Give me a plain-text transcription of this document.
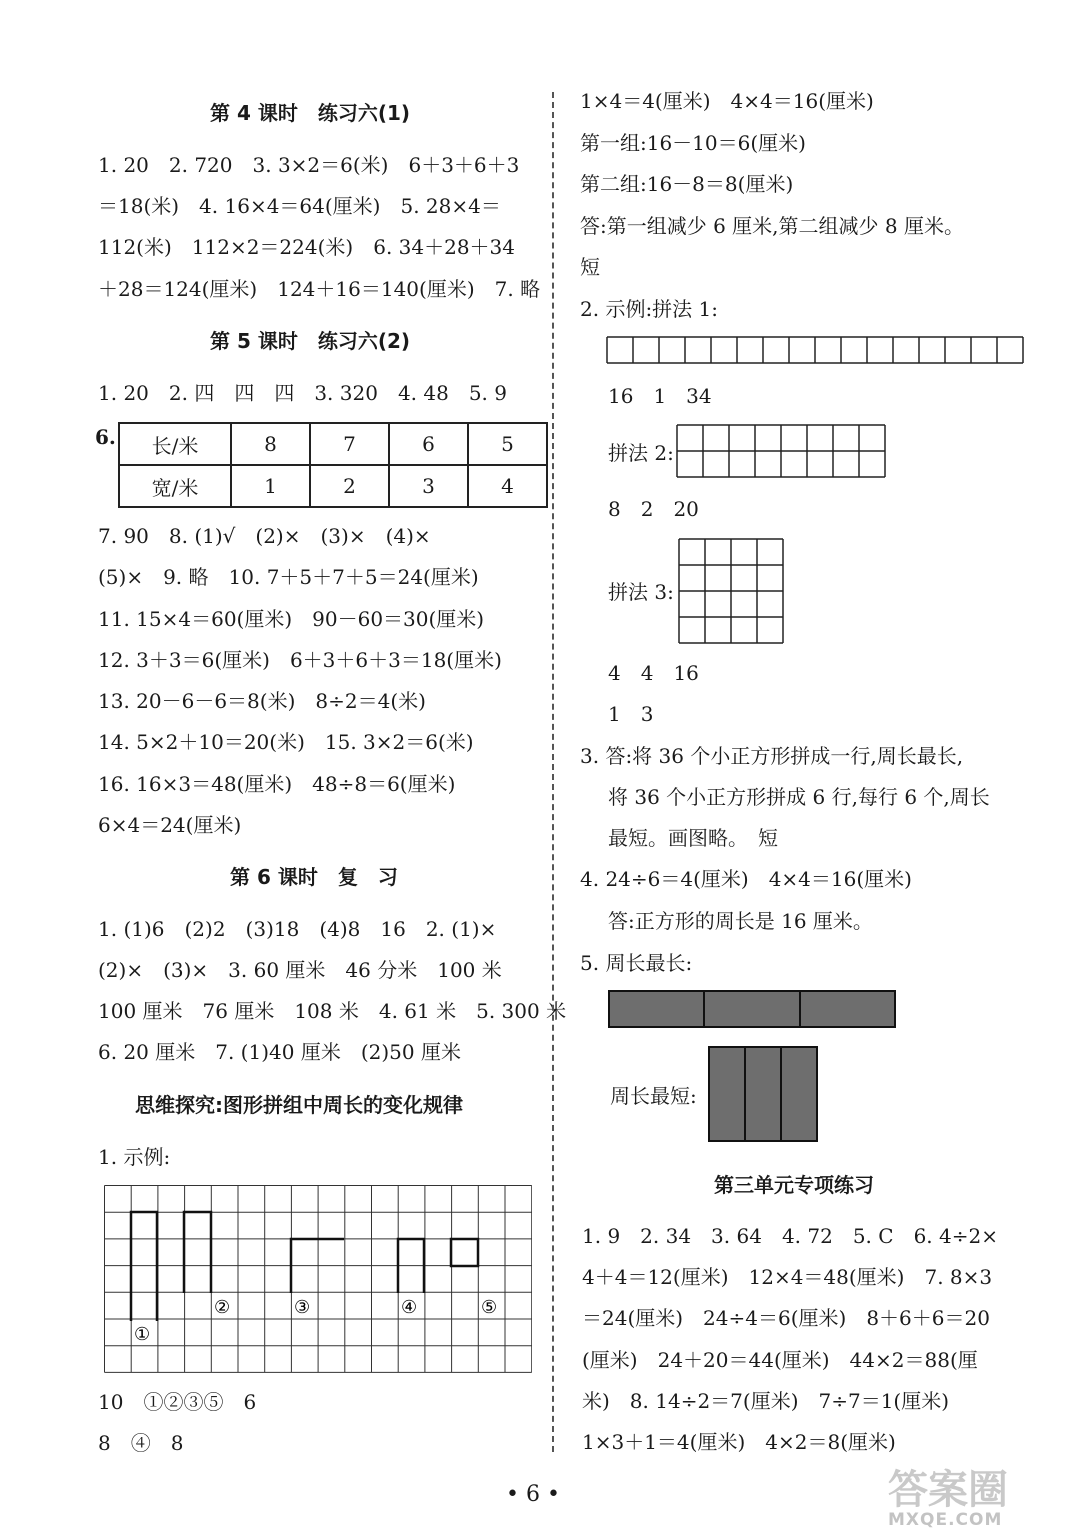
第 4 课时　练习六(1)
1. 20　2. 720　3. 3×2＝6(米)　6＋3＋6＋3
＝18(米)　4. 16×4＝64(厘米)　5. 28×4＝
112(米)　112×2＝224(米)　6. 34＋28＋34
＋28＝124(厘米)　124＋16＝140(厘米)　7. 略
第 5 课时　练习六(2)
1. 20　2. 四　四　四　3. 320　4. 48　5. 9
6. 长/米	8	7	6	5
宽/米	1	2	3	4
7. 90　8. (1)√　(2)×　(3)×　(4)×
(5)×　9. 略　10. 7＋5＋7＋5＝24(厘米)
11. 15×4＝60(厘米)　90－60＝30(厘米)
12. 3＋3＝6(厘米)　6＋3＋6＋3＝18(厘米)
13. 20－6－6＝8(米)　8÷2＝4(米)
14. 5×2＋10＝20(米)　15. 3×2＝6(米)
16. 16×3＝48(厘米)　48÷8＝6(厘米)
6×4＝24(厘米)
第 6 课时　复　习
1. (1)6　(2)2　(3)18　(4)8　16　2. (1)×
(2)×　(3)×　3. 60 厘米　46 分米　100 米
100 厘米　76 厘米　108 米　4. 61 米　5. 300 米
6. 20 厘米　7. (1)40 厘米　(2)50 厘米
思维探究:图形拼组中周长的变化规律
1. 示例:
①
②	③	④	⑤
10　①②③⑤　6
8　④　8
1×4＝4(厘米)　4×4＝16(厘米)
第一组:16－10＝6(厘米)
第二组:16－8＝8(厘米)
答:第一组减少 6 厘米,第二组减少 8 厘米。
短
2. 示例:拼法 1:
16　1　34
拼法 2:
8　2　20
拼法 3:
4　4　16
1　3
3. 答:将 36 个小正方形拼成一行,周长最长,
将 36 个小正方形拼成 6 行,每行 6 个,周长
最短。画图略。　短
4. 24÷6＝4(厘米)　4×4＝16(厘米)
答:正方形的周长是 16 厘米。
5. 周长最长:
周长最短:
第三单元专项练习
1. 9　2. 34　3. 64　4. 72　5. C　6. 4÷2×
4＋4＝12(厘米)　12×4＝48(厘米)　7. 8×3
＝24(厘米)　24÷4＝6(厘米)　8＋6＋6＝20
(厘米)　24＋20＝44(厘米)　44×2＝88(厘
米)　8. 14÷2＝7(厘米)　7÷7＝1(厘米)
1×3＋1＝4(厘米)　4×2＝8(厘米)
• 6 •	答案圈
MXQE.COM
